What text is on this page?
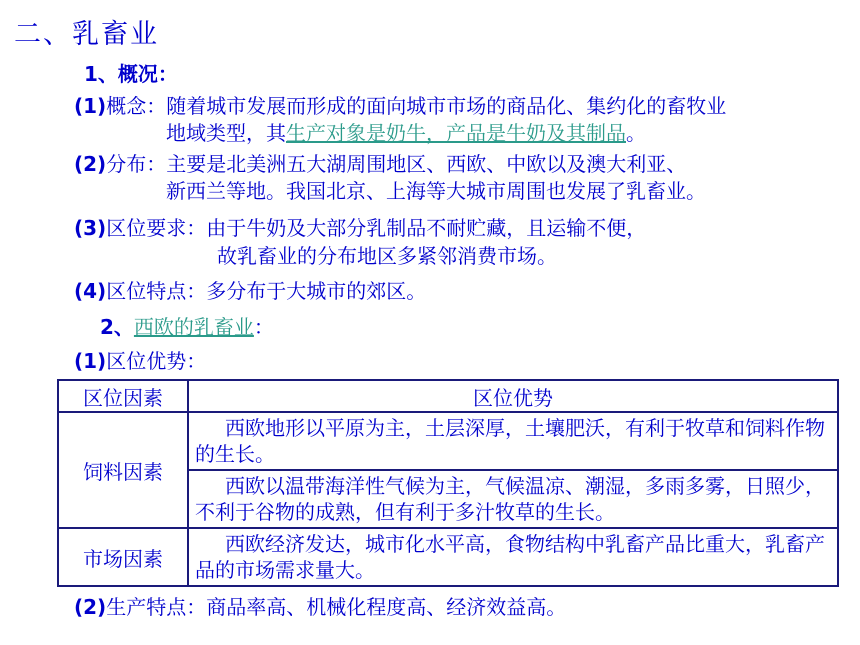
二、乳畜业
1、概况：
(1)概念：随着城市发展而形成的面向城市市场的商品化、集约化的畜牧业
地域类型，其生产对象是奶牛，产品是牛奶及其制品。
(2)分布：主要是北美洲五大湖周围地区、西欧、中欧以及澳大利亚、
新西兰等地。我国北京、上海等大城市周围也发展了乳畜业。
(3)区位要求：由于牛奶及大部分乳制品不耐贮藏，且运输不便，
故乳畜业的分布地区多紧邻消费市场。
(4)区位特点：多分布于大城市的郊区。
2、西欧的乳畜业：
(1)区位优势：
区位因素	区位优势
饲料因素	西欧地形以平原为主，土层深厚，土壤肥沃，有利于牧草和饲料作物的生长。

	西欧以温带海洋性气候为主，气候温凉、潮湿，多雨多雾，日照少，不利于谷物的成熟，但有利于多汁牧草的生长。

市场因素	西欧经济发达，城市化水平高，食物结构中乳畜产品比重大，乳畜产品的市场需求量大。
(2)生产特点：商品率高、机械化程度高、经济效益高。
